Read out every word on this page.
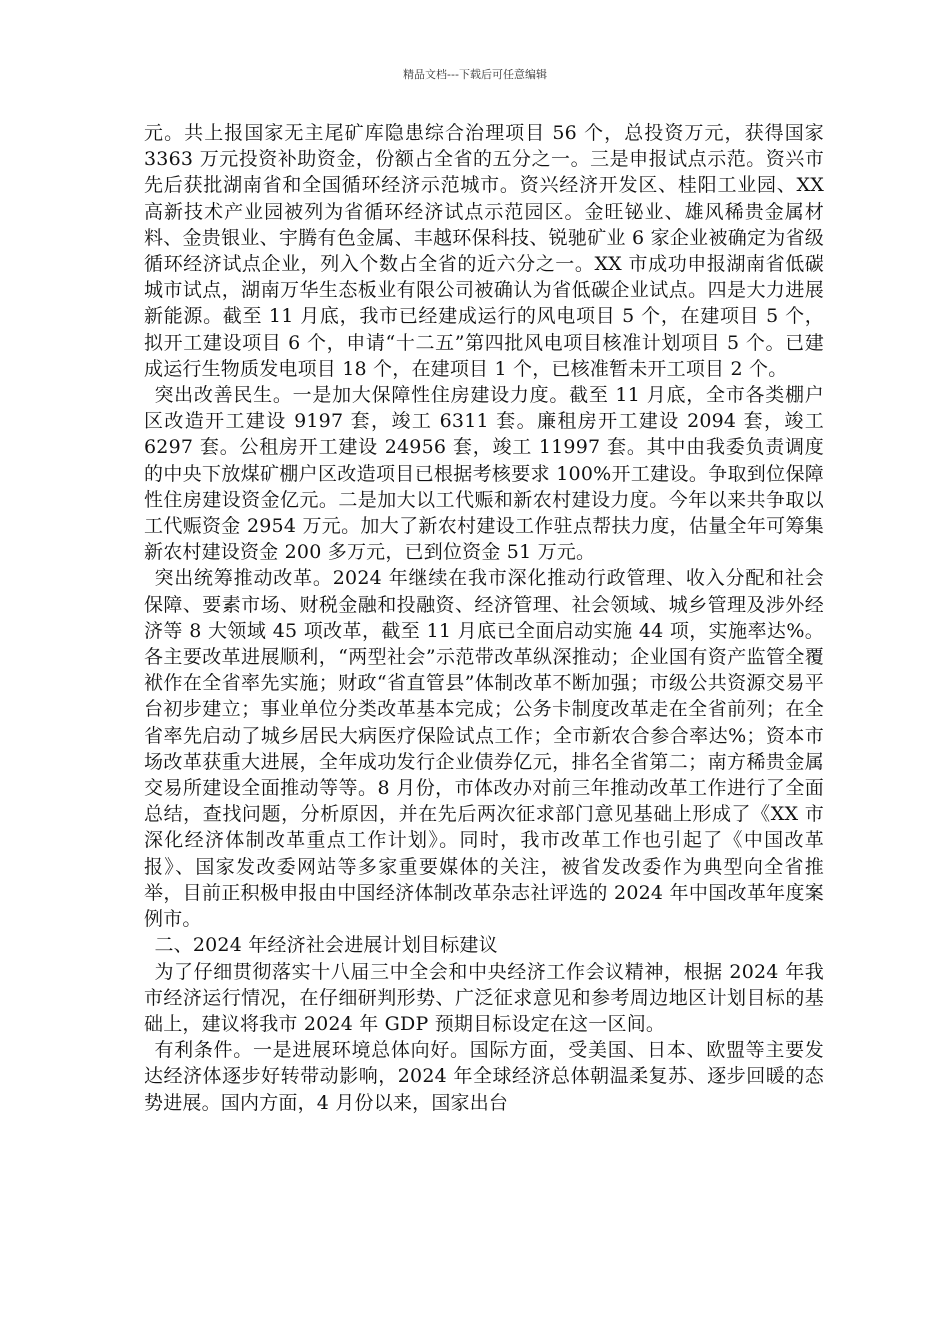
精品文档---下载后可任意编辑

元。共上报国家无主尾矿库隐患综合治理项目 56 个，总投资万元，获得国家 3363 万元投资补助资金，份额占全省的五分之一。三是申报试点示范。资兴市先后获批湖南省和全国循环经济示范城市。资兴经济开发区、桂阳工业园、XX 高新技术产业园被列为省循环经济试点示范园区。金旺铋业、雄风稀贵金属材料、金贵银业、宇腾有色金属、丰越环保科技、锐驰矿业 6 家企业被确定为省级循环经济试点企业，列入个数占全省的近六分之一。XX 市成功申报湖南省低碳城市试点，湖南万华生态板业有限公司被确认为省低碳企业试点。四是大力进展新能源。截至 11 月底，我市已经建成运行的风电项目 5 个，在建项目 5 个，拟开工建设项目 6 个，申请“十二五”第四批风电项目核准计划项目 5 个。已建成运行生物质发电项目 18 个，在建项目 1 个，已核准暂未开工项目 2 个。

突出改善民生。一是加大保障性住房建设力度。截至 11 月底，全市各类棚户区改造开工建设 9197 套，竣工 6311 套。廉租房开工建设 2094 套，竣工 6297 套。公租房开工建设 24956 套，竣工 11997 套。其中由我委负责调度的中央下放煤矿棚户区改造项目已根据考核要求 100%开工建设。争取到位保障性住房建设资金亿元。二是加大以工代赈和新农村建设力度。今年以来共争取以工代赈资金 2954 万元。加大了新农村建设工作驻点帮扶力度，估量全年可筹集新农村建设资金 200 多万元，已到位资金 51 万元。

突出统筹推动改革。2024 年继续在我市深化推动行政管理、收入分配和社会保障、要素市场、财税金融和投融资、经济管理、社会领域、城乡管理及涉外经济等 8 大领域 45 项改革，截至 11 月底已全面启动实施 44 项，实施率达%。各主要改革进展顺利，“两型社会”示范带改革纵深推动；企业国有资产监管全覆袱作在全省率先实施；财政“省直管县”体制改革不断加强；市级公共资源交易平台初步建立；事业单位分类改革基本完成；公务卡制度改革走在全省前列；在全省率先启动了城乡居民大病医疗保险试点工作；全市新农合参合率达%；资本市场改革获重大进展，全年成功发行企业债券亿元，排名全省第二；南方稀贵金属交易所建设全面推动等等。8 月份，市体改办对前三年推动改革工作进行了全面总结，查找问题，分析原因，并在先后两次征求部门意见基础上形成了《XX 市深化经济体制改革重点工作计划》。同时，我市改革工作也引起了《中国改革报》、国家发改委网站等多家重要媒体的关注，被省发改委作为典型向全省推举，目前正积极申报由中国经济体制改革杂志社评选的 2024 年中国改革年度案例市。

二、2024 年经济社会进展计划目标建议

为了仔细贯彻落实十八届三中全会和中央经济工作会议精神，根据 2024 年我市经济运行情况，在仔细研判形势、广泛征求意见和参考周边地区计划目标的基础上，建议将我市 2024 年 GDP 预期目标设定在这一区间。

有利条件。一是进展环境总体向好。国际方面，受美国、日本、欧盟等主要发达经济体逐步好转带动影响，2024 年全球经济总体朝温柔复苏、逐步回暖的态势进展。国内方面，4 月份以来，国家出台
